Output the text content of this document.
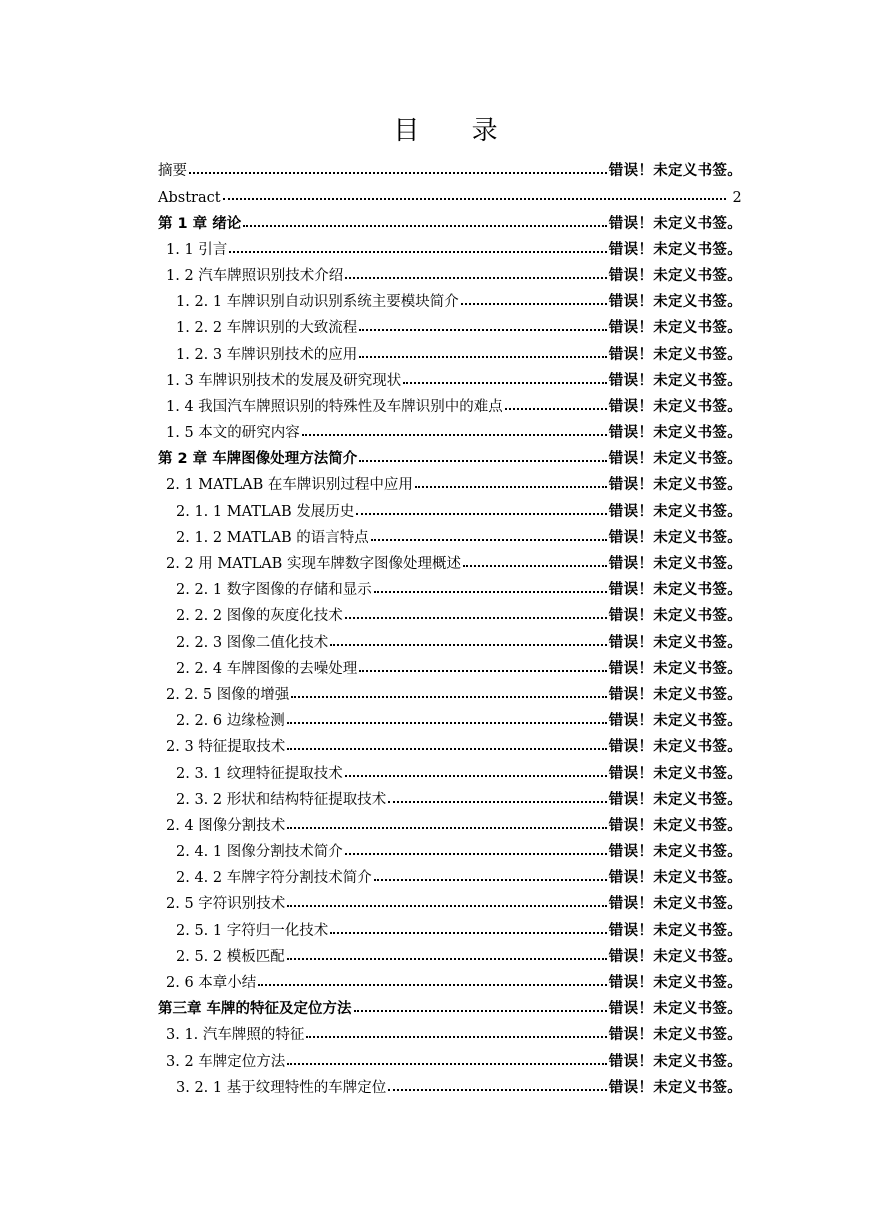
目 录
摘要	错误！未定义书签。
Abstract	2
第 1 章 绪论	错误！未定义书签。
1. 1 引言	错误！未定义书签。
1. 2 汽车牌照识别技术介绍	错误！未定义书签。
1. 2. 1 车牌识别自动识别系统主要模块简介	错误！未定义书签。
1. 2. 2 车牌识别的大致流程	错误！未定义书签。
1. 2. 3 车牌识别技术的应用	错误！未定义书签。
1. 3 车牌识别技术的发展及研究现状	错误！未定义书签。
1. 4 我国汽车牌照识别的特殊性及车牌识别中的难点	错误！未定义书签。
1. 5 本文的研究内容	错误！未定义书签。
第 2 章 车牌图像处理方法简介	错误！未定义书签。
2. 1 MATLAB 在车牌识别过程中应用	错误！未定义书签。
2. 1. 1 MATLAB 发展历史	错误！未定义书签。
2. 1. 2 MATLAB 的语言特点	错误！未定义书签。
2. 2 用 MATLAB 实现车牌数字图像处理概述	错误！未定义书签。
2. 2. 1 数字图像的存储和显示	错误！未定义书签。
2. 2. 2 图像的灰度化技术	错误！未定义书签。
2. 2. 3 图像二值化技术	错误！未定义书签。
2. 2. 4 车牌图像的去噪处理	错误！未定义书签。
2. 2. 5 图像的增强	错误！未定义书签。
2. 2. 6 边缘检测	错误！未定义书签。
2. 3 特征提取技术	错误！未定义书签。
2. 3. 1 纹理特征提取技术	错误！未定义书签。
2. 3. 2 形状和结构特征提取技术	错误！未定义书签。
2. 4 图像分割技术	错误！未定义书签。
2. 4. 1 图像分割技术简介	错误！未定义书签。
2. 4. 2 车牌字符分割技术简介	错误！未定义书签。
2. 5 字符识别技术	错误！未定义书签。
2. 5. 1 字符归一化技术	错误！未定义书签。
2. 5. 2 模板匹配	错误！未定义书签。
2. 6 本章小结	错误！未定义书签。
第三章 车牌的特征及定位方法	错误！未定义书签。
3. 1. 汽车牌照的特征	错误！未定义书签。
3. 2 车牌定位方法	错误！未定义书签。
3. 2. 1 基于纹理特性的车牌定位	错误！未定义书签。
